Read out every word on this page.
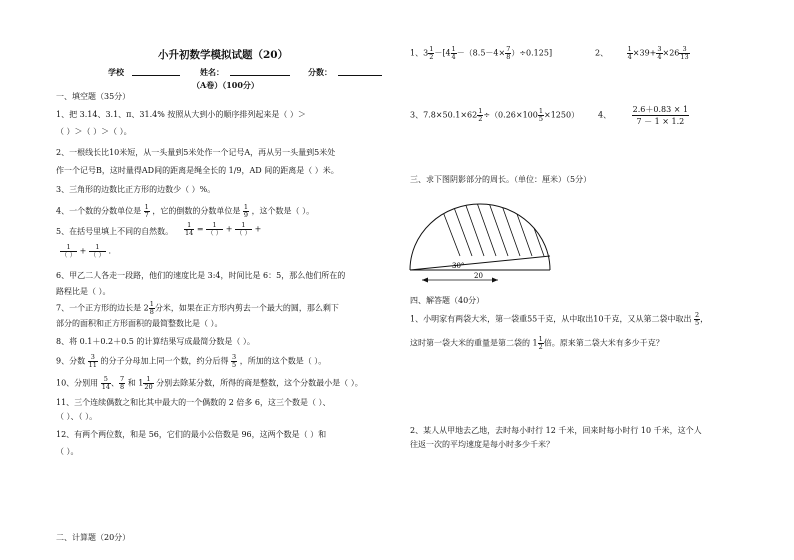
小升初数学模拟试题（20）
学校	姓名：	分数：
（A卷）（100分）
一、填空题（35分）
1、把 3.14、3.1、π、31.4% 按照从大到小的顺序排列起来是（ ）＞
（ ）＞（ ）＞（ ）。
2、一根线长比10米短，从一头量到5米处作一个记号A，再从另一头量到5米处
作一个记号B，这时量得AD间的距离是绳全长的 1/9，AD 间的距离是（ ）米。
3、三角形的边数比正方形的边数少（ ）%。
4、一个数的分数单位是 $\frac{1}{7}$ ，它的倒数的分数单位是 $\frac{1}{9}$ ，这个数是（ ）。
5、在括号里填上不同的自然数。 $\frac{1}{14} = \frac{1}{( )} + \frac{1}{( )}$ +
$\frac{1}{( )} + \frac{1}{( )}$ .
6、甲乙二人各走一段路，他们的速度比是 3:4，时间比是 6：5，那么他们所在的
路程比是（ ）。
7、一个正方形的边长是 $2 \frac{1}{8}$ 分米，如果在正方形内剪去一个最大的圆，那么剩下
部分的面积和正方形面积的最简整数比是（ ）。
8、将 0.1＋0.2＋0.5 的计算结果写成最简分数是（ ）。
9、分数 $\frac{3}{11}$ 的分子分母加上同一个数，约分后得 $\frac{3}{5}$ ，所加的这个数是（ ）。
10、分别用 $\frac{5}{14}$ 、 $\frac{7}{8}$ 和 $1 \frac{1}{20}$ 分别去除某分数，所得的商是整数，这个分数最小是（ ）。
11、三个连续偶数之和比其中最大的一个偶数的 2 倍多 6，这三个数是（ ）、
（ ）、（ ）。
12、有两个两位数，和是 56，它们的最小公倍数是 96，这两个数是（ ）和
（ ）。
二、计算题（20分）
1、$3 \frac{1}{2} -[4 \frac{1}{4} -(8.5-4\times \frac{7}{8} )\div 0.125]$	2、	$\frac{1}{4} \times 39+ \frac{3}{4} \times 26 \frac{3}{13}$
3、$7.8\times 50.1\times 62 \frac{1}{2} \div(0.26\times 100 \frac{1}{5} \times 1250)$ 4、	$\frac{2.6+0.83 \times 1}{7 - 1 \times 1.2}$
三、求下图阴影部分的周长。（单位：厘米）（5分）
30°
20
四、解答题（40分）
1、小明家有两袋大米，第一袋重55千克，从中取出10千克，又从第二袋中取出 $\frac{2}{5}$ ，
这时第一袋大米的重量是第二袋的 $1 \frac{1}{2}$ 倍。原来第二袋大米有多少千克？
2、某人从甲地去乙地，去时每小时行 12 千米，回来时每小时行 10 千米，这个人
往返一次的平均速度是每小时多少千米？
